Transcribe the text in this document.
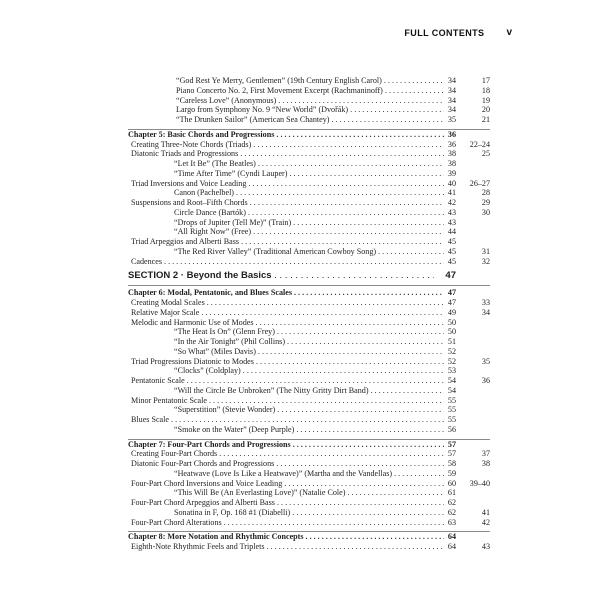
FULL CONTENTS v
“God Rest Ye Merry, Gentlemen” (19th Century English Carol) . . .	34	17
Piano Concerto No. 2, First Movement Excerpt (Rachmaninoff) . . .	34	18
“Careless Love” (Anonymous) . . .	34	19
Largo from Symphony No. 9 “New World” (Dvořák) . . .	34	20
“The Drunken Sailor” (American Sea Chantey) . . .	35	21
Chapter 5: Basic Chords and Progressions . . .	36
Creating Three-Note Chords (Triads) . . .	36 22–24
Diatonic Triads and Progressions . . .	38	25
“Let It Be” (The Beatles) . . .	38
“Time After Time” (Cyndi Lauper) . . .	39
Triad Inversions and Voice Leading . . .	40 26–27
Canon (Pachelbel) . . .	41	28
Suspensions and Root–Fifth Chords . . .	42	29
Circle Dance (Bartók) . . .	43	30
“Drops of Jupiter (Tell Me)” (Train) . . .	43
“All Right Now” (Free) . . .	44
Triad Arpeggios and Alberti Bass . . .	45
“The Red River Valley” (Traditional American Cowboy Song) . . .	45	31
Cadences . . .	45	32
SECTION 2 · Beyond the Basics . . .	47
Chapter 6: Modal, Pentatonic, and Blues Scales . . .	47
Creating Modal Scales . . .	47	33
Relative Major Scale . . .	49	34
Melodic and Harmonic Use of Modes . . .	50
“The Heat Is On” (Glenn Frey) . . .	50
“In the Air Tonight” (Phil Collins) . . .	51
“So What” (Miles Davis) . . .	52
Triad Progressions Diatonic to Modes . . .	52	35
“Clocks” (Coldplay) . . .	53
Pentatonic Scale . . .	54	36
“Will the Circle Be Unbroken” (The Nitty Gritty Dirt Band) . . .	54
Minor Pentatonic Scale . . .	55
“Superstition” (Stevie Wonder) . . .	55
Blues Scale . . .	55
“Smoke on the Water” (Deep Purple) . . .	56
Chapter 7: Four-Part Chords and Progressions . . .	57
Creating Four-Part Chords . . .	57	37
Diatonic Four-Part Chords and Progressions . . .	58	38
“Heatwave (Love Is Like a Heatwave)” (Martha and the Vandellas) . . .	59
Four-Part Chord Inversions and Voice Leading . . .	60 39–40
“This Will Be (An Everlasting Love)” (Natalie Cole) . . .	61
Four-Part Chord Arpeggios and Alberti Bass . . .	62
Sonatina in F, Op. 168 #1 (Diabelli) . . .	62	41
Four-Part Chord Alterations . . .	63	42
Chapter 8: More Notation and Rhythmic Concepts . . .	64
Eighth-Note Rhythmic Feels and Triplets . . .	64	43
